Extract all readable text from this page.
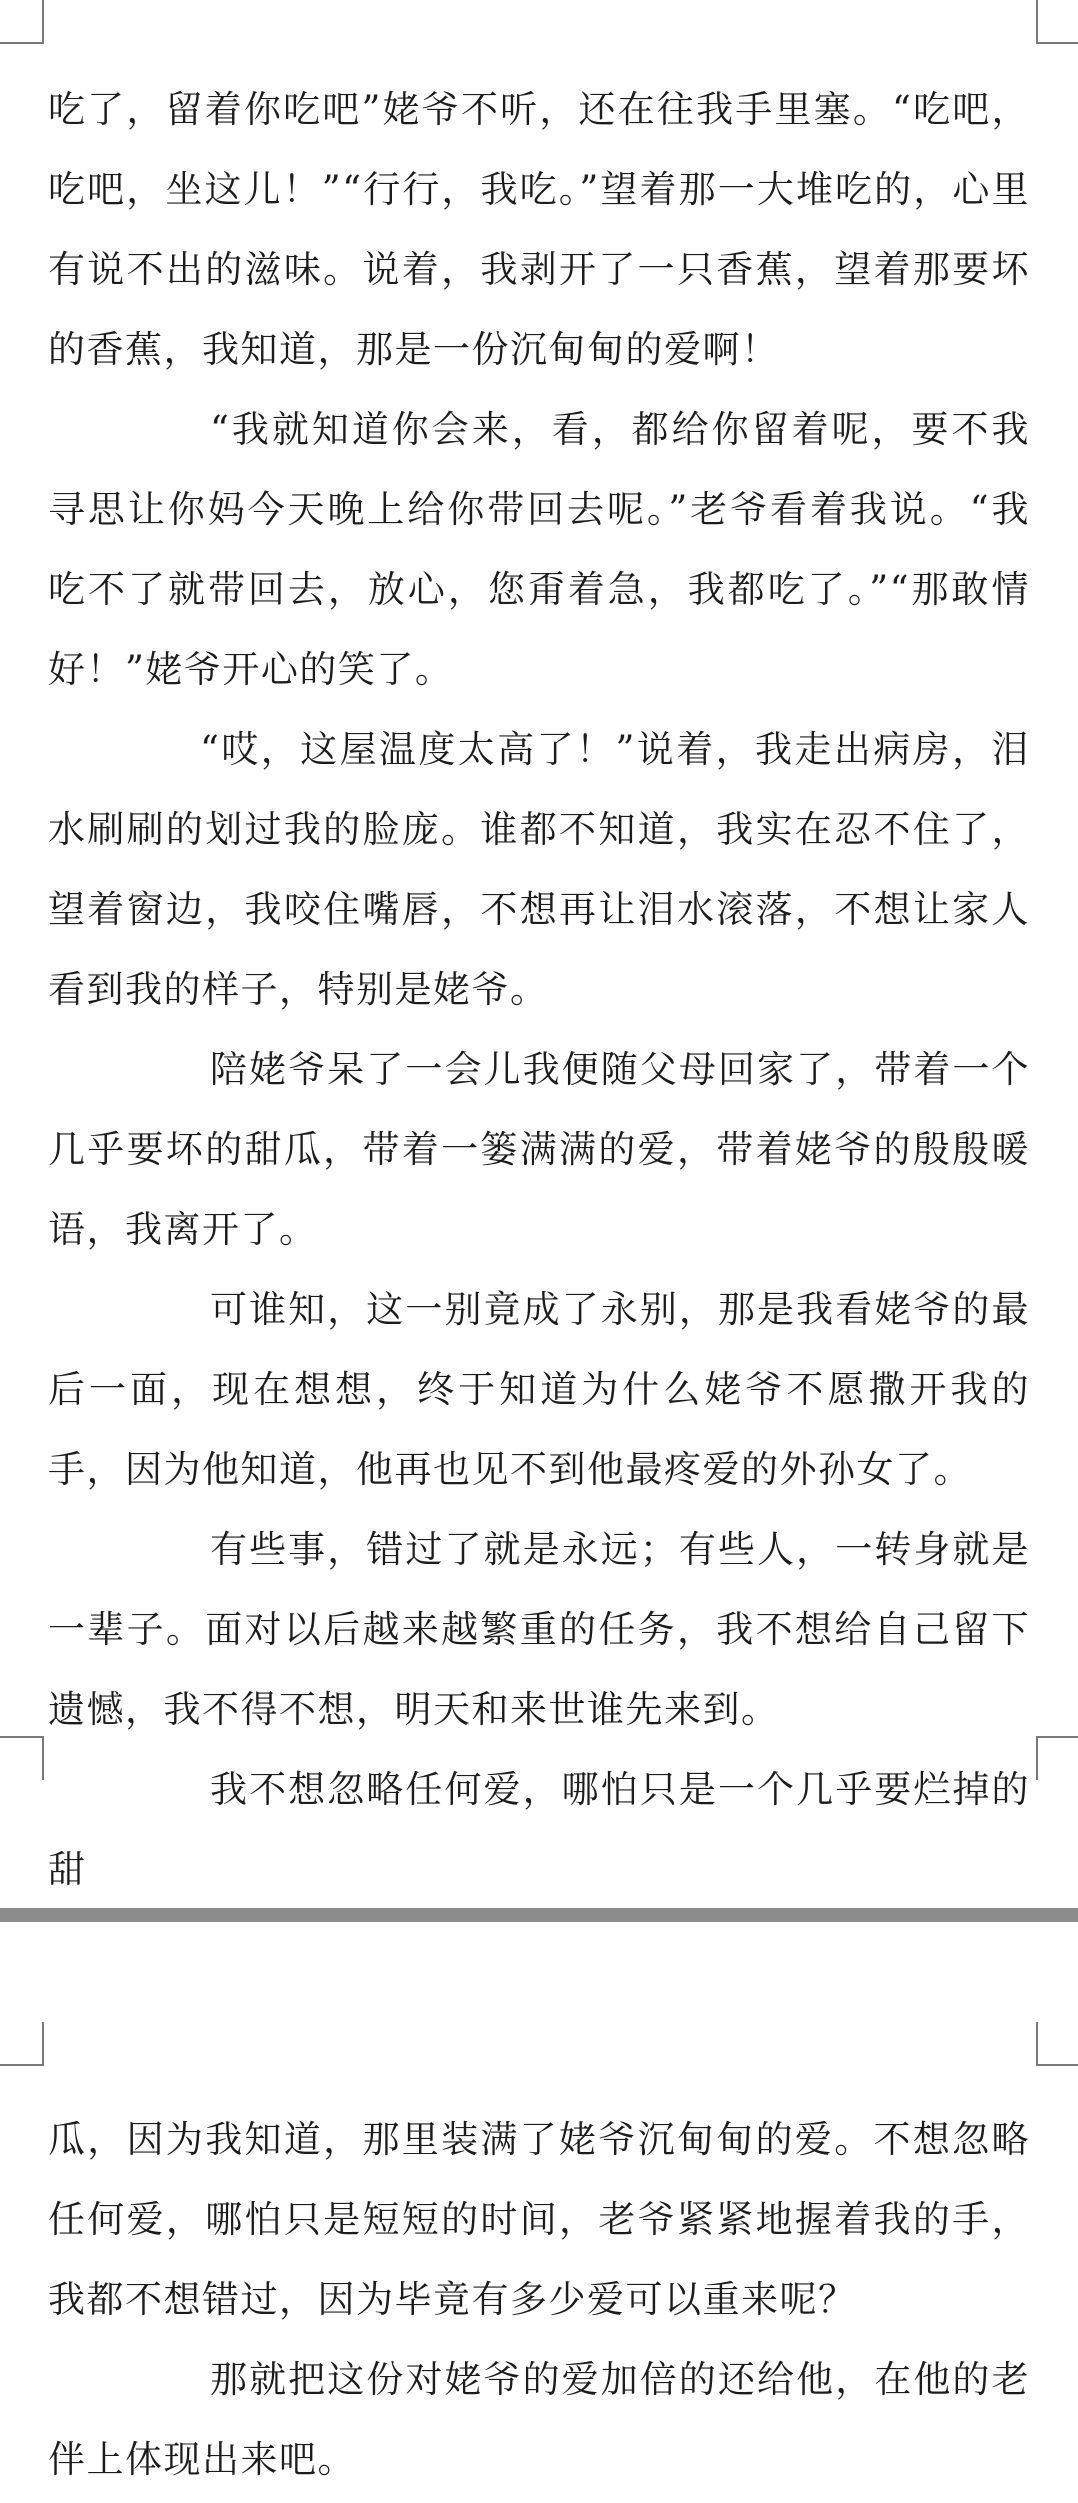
吃了，留着你吃吧”姥爷不听，还在往我手里塞。“吃吧，吃吧，坐这儿！”“行行，我吃。”望着那一大堆吃的，心里有说不出的滋味。说着，我剥开了一只香蕉，望着那要坏的香蕉，我知道，那是一份沉甸甸的爱啊！

“我就知道你会来，看，都给你留着呢，要不我寻思让你妈今天晚上给你带回去呢。”老爷看着我说。“我吃不了就带回去，放心，您甭着急，我都吃了。”“那敢情好！”姥爷开心的笑了。

“哎，这屋温度太高了！”说着，我走出病房，泪水刷刷的划过我的脸庞。谁都不知道，我实在忍不住了，望着窗边，我咬住嘴唇，不想再让泪水滚落，不想让家人看到我的样子，特别是姥爷。

陪姥爷呆了一会儿我便随父母回家了，带着一个几乎要坏的甜瓜，带着一篓满满的爱，带着姥爷的殷殷暖语，我离开了。

可谁知，这一别竟成了永别，那是我看姥爷的最后一面，现在想想，终于知道为什么姥爷不愿撒开我的手，因为他知道，他再也见不到他最疼爱的外孙女了。

有些事，错过了就是永远；有些人，一转身就是一辈子。面对以后越来越繁重的任务，我不想给自己留下遗憾，我不得不想，明天和来世谁先来到。

我不想忽略任何爱，哪怕只是一个几乎要烂掉的甜

瓜，因为我知道，那里装满了姥爷沉甸甸的爱。不想忽略任何爱，哪怕只是短短的时间，老爷紧紧地握着我的手，我都不想错过，因为毕竟有多少爱可以重来呢？

那就把这份对姥爷的爱加倍的还给他，在他的老伴上体现出来吧。
